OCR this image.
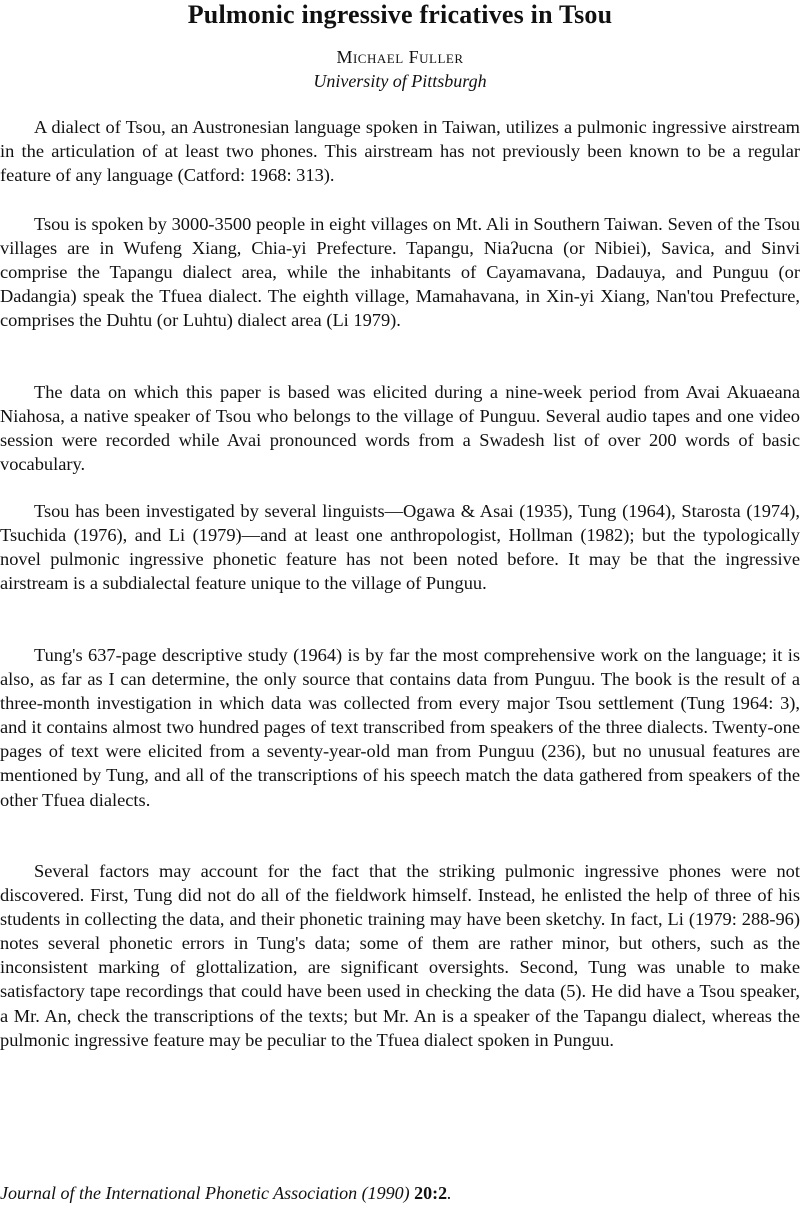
Pulmonic ingressive fricatives in Tsou
Michael Fuller
University of Pittsburgh

A dialect of Tsou, an Austronesian language spoken in Taiwan, utilizes a pulmonic ingressive airstream in the articulation of at least two phones. This airstream has not previously been known to be a regular feature of any language (Catford: 1968: 313).

Tsou is spoken by 3000-3500 people in eight villages on Mt. Ali in Southern Taiwan. Seven of the Tsou villages are in Wufeng Xiang, Chia-yi Prefecture. Tapangu, Niaʔucna (or Nibiei), Savica, and Sinvi comprise the Tapangu dialect area, while the inhabitants of Cayamavana, Dadauya, and Punguu (or Dadangia) speak the Tfuea dialect. The eighth village, Mamahavana, in Xin-yi Xiang, Nan'tou Prefecture, comprises the Duhtu (or Luhtu) dialect area (Li 1979).

The data on which this paper is based was elicited during a nine-week period from Avai Akuaeana Niahosa, a native speaker of Tsou who belongs to the village of Punguu. Several audio tapes and one video session were recorded while Avai pronounced words from a Swadesh list of over 200 words of basic vocabulary.

Tsou has been investigated by several linguists—Ogawa & Asai (1935), Tung (1964), Starosta (1974), Tsuchida (1976), and Li (1979)—and at least one anthropologist, Hollman (1982); but the typologically novel pulmonic ingressive phonetic feature has not been noted before. It may be that the ingressive airstream is a subdialectal feature unique to the village of Punguu.

Tung's 637-page descriptive study (1964) is by far the most comprehensive work on the language; it is also, as far as I can determine, the only source that contains data from Punguu. The book is the result of a three-month investigation in which data was collected from every major Tsou settlement (Tung 1964: 3), and it contains almost two hundred pages of text transcribed from speakers of the three dialects. Twenty-one pages of text were elicited from a seventy-year-old man from Punguu (236), but no unusual features are mentioned by Tung, and all of the transcriptions of his speech match the data gathered from speakers of the other Tfuea dialects.

Several factors may account for the fact that the striking pulmonic ingressive phones were not discovered. First, Tung did not do all of the fieldwork himself. Instead, he enlisted the help of three of his students in collecting the data, and their phonetic training may have been sketchy. In fact, Li (1979: 288-96) notes several phonetic errors in Tung's data; some of them are rather minor, but others, such as the inconsistent marking of glottalization, are significant oversights. Second, Tung was unable to make satisfactory tape recordings that could have been used in checking the data (5). He did have a Tsou speaker, a Mr. An, check the transcriptions of the texts; but Mr. An is a speaker of the Tapangu dialect, whereas the pulmonic ingressive feature may be peculiar to the Tfuea dialect spoken in Punguu.

Journal of the International Phonetic Association (1990) 20:2.
